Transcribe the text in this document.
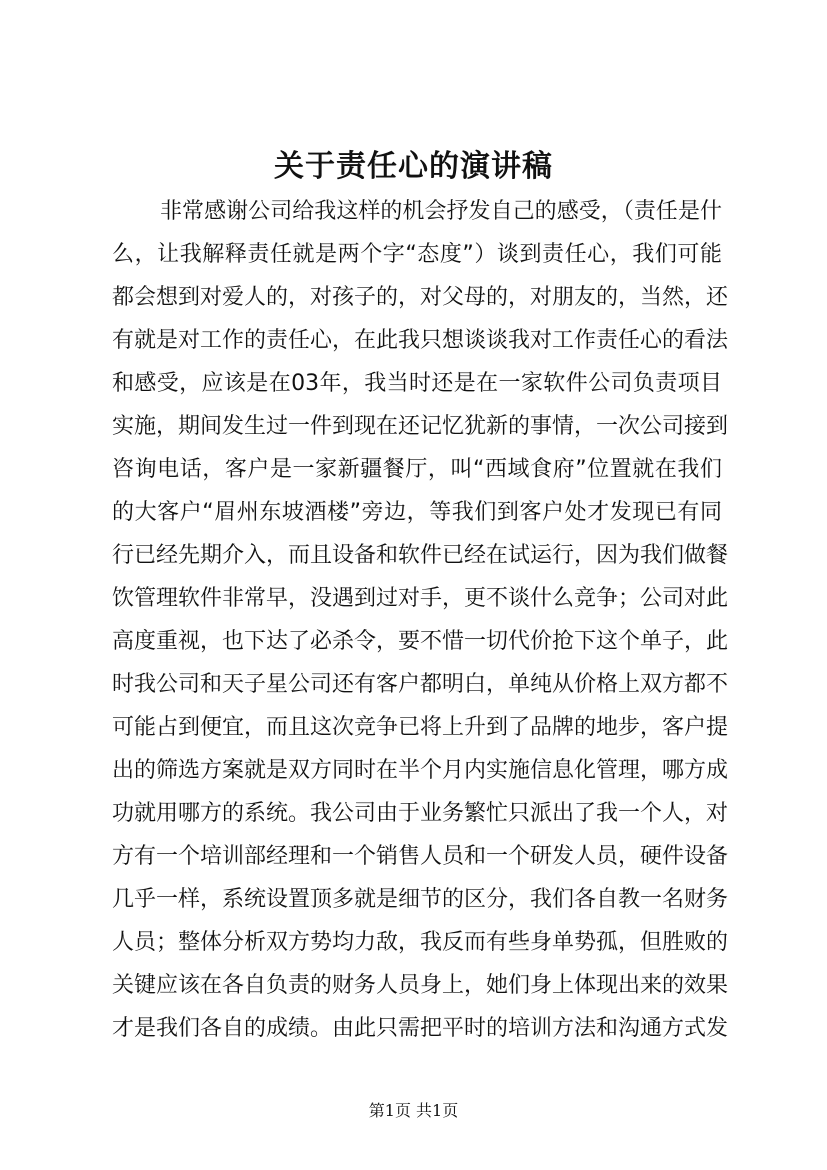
关于责任心的演讲稿
非常感谢公司给我这样的机会抒发自己的感受，（责任是什
么，让我解释责任就是两个字“态度”）谈到责任心，我们可能
都会想到对爱人的，对孩子的，对父母的，对朋友的，当然，还
有就是对工作的责任心，在此我只想谈谈我对工作责任心的看法
和感受，应该是在03年，我当时还是在一家软件公司负责项目
实施，期间发生过一件到现在还记忆犹新的事情，一次公司接到
咨询电话，客户是一家新疆餐厅，叫“西域食府”位置就在我们
的大客户“眉州东坡酒楼”旁边，等我们到客户处才发现已有同
行已经先期介入，而且设备和软件已经在试运行，因为我们做餐
饮管理软件非常早，没遇到过对手，更不谈什么竞争；公司对此
高度重视，也下达了必杀令，要不惜一切代价抢下这个单子，此
时我公司和天子星公司还有客户都明白，单纯从价格上双方都不
可能占到便宜，而且这次竞争已将上升到了品牌的地步，客户提
出的筛选方案就是双方同时在半个月内实施信息化管理，哪方成
功就用哪方的系统。我公司由于业务繁忙只派出了我一个人，对
方有一个培训部经理和一个销售人员和一个研发人员，硬件设备
几乎一样，系统设置顶多就是细节的区分，我们各自教一名财务
人员；整体分析双方势均力敌，我反而有些身单势孤，但胜败的
关键应该在各自负责的财务人员身上，她们身上体现出来的效果
才是我们各自的成绩。由此只需把平时的培训方法和沟通方式发
第1页 共1页
